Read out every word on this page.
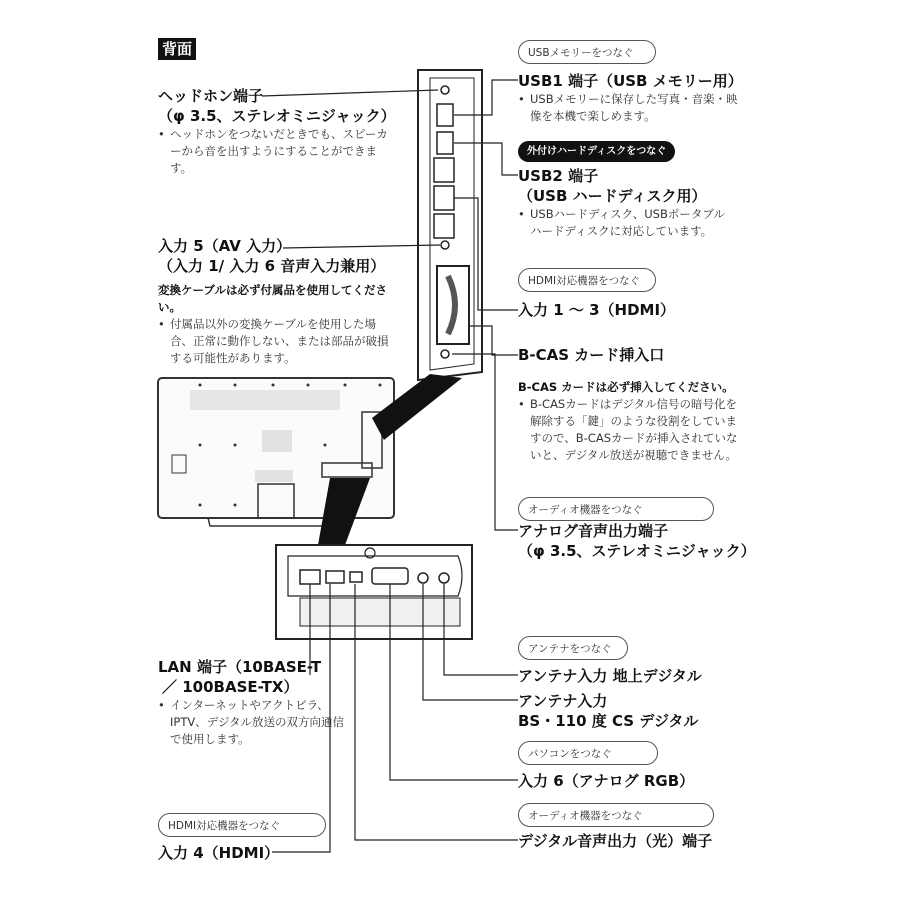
背面
ヘッドホン端子
（φ 3.5、ステレオミニジャック）
• ヘッドホンをつないだときでも、スピーカーから音を出すようにすることができます。
入力 5（AV 入力）
（入力 1/ 入力 6 音声入力兼用）
変換ケーブルは必ず付属品を使用してください。
• 付属品以外の変換ケーブルを使用した場合、正常に動作しない、または部品が破損する可能性があります。
USBメモリーをつなぐ
USB1 端子（USB メモリー用）
• USBメモリーに保存した写真・音楽・映像を本機で楽しめます。
外付けハードディスクをつなぐ
USB2 端子
（USB ハードディスク用）
• USBハードディスク、USBポータブルハードディスクに対応しています。
HDMI対応機器をつなぐ
入力 1 ～ 3（HDMI）
B-CAS カード挿入口
B-CAS カードは必ず挿入してください。
• B-CASカードはデジタル信号の暗号化を解除する「鍵」のような役割をしていますので、B-CASカードが挿入されていないと、デジタル放送が視聴できません。
オーディオ機器をつなぐ
アナログ音声出力端子
（φ 3.5、ステレオミニジャック）
LAN 端子（10BASE-T
／ 100BASE-TX）
• インターネットやアクトビラ、IPTV、デジタル放送の双方向通信で使用します。
アンテナをつなぐ
アンテナ入力 地上デジタル
アンテナ入力
BS・110 度 CS デジタル
パソコンをつなぐ
入力 6（アナログ RGB）
オーディオ機器をつなぐ
デジタル音声出力（光）端子
HDMI対応機器をつなぐ
入力 4（HDMI）
